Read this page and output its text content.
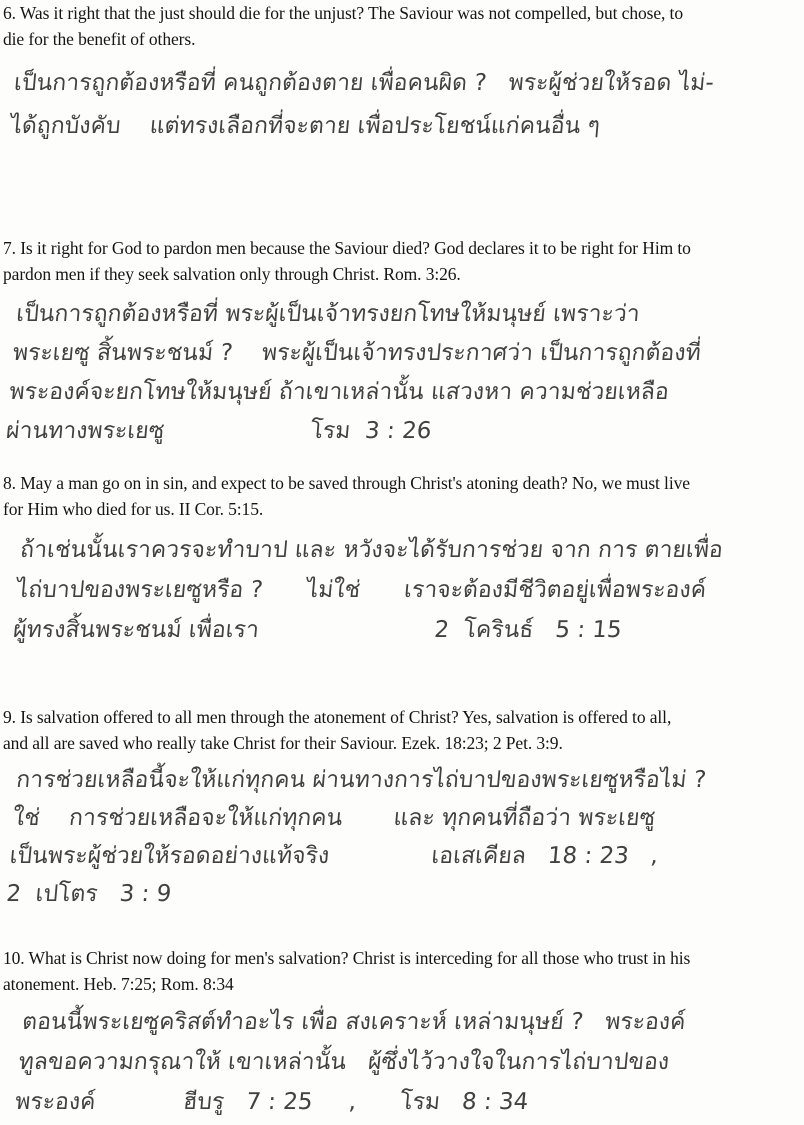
6. Was it right that the just should die for the unjust? The Saviour was not compelled, but chose, to
die for the benefit of others.
เป็นการถูกต้องหรือที่ คนถูกต้องตาย เพื่อคนผิด ?   พระผู้ช่วยให้รอด ไม่-
ได้ถูกบังคับ    แต่ทรงเลือกที่จะตาย เพื่อประโยชน์แก่คนอื่น ๆ
7. Is it right for God to pardon men because the Saviour died? God declares it to be right for Him to
pardon men if they seek salvation only through Christ. Rom. 3:26.
เป็นการถูกต้องหรือที่ พระผู้เป็นเจ้าทรงยกโทษให้มนุษย์ เพราะว่า
พระเยซู สิ้นพระชนม์ ?    พระผู้เป็นเจ้าทรงประกาศว่า เป็นการถูกต้องที่
พระองค์จะยกโทษให้มนุษย์ ถ้าเขาเหล่านั้น แสวงหา ความช่วยเหลือ
ผ่านทางพระเยซู                    โรม  3 : 26
8. May a man go on in sin, and expect to be saved through Christ's atoning death? No, we must live
for Him who died for us. II Cor. 5:15.
ถ้าเช่นนั้นเราควรจะทำบาป และ หวังจะได้รับการช่วย จาก การ ตายเพื่อ
ไถ่บาปของพระเยซูหรือ ?      ไม่ใช่      เราจะต้องมีชีวิตอยู่เพื่อพระองค์
ผู้ทรงสิ้นพระชนม์ เพื่อเรา                        2  โครินธ์   5 : 15
9. Is salvation offered to all men through the atonement of Christ? Yes, salvation is offered to all,
and all are saved who really take Christ for their Saviour. Ezek. 18:23; 2 Pet. 3:9.
การช่วยเหลือนี้จะให้แก่ทุกคน ผ่านทางการไถ่บาปของพระเยซูหรือไม่ ?
ใช่    การช่วยเหลือจะให้แก่ทุกคน       และ ทุกคนที่ถือว่า พระเยซู
เป็นพระผู้ช่วยให้รอดอย่างแท้จริง              เอเสเคียล   18 : 23   ,
2  เปโตร   3 : 9
10. What is Christ now doing for men's salvation? Christ is interceding for all those who trust in his
atonement. Heb. 7:25; Rom. 8:34
ตอนนี้พระเยซูคริสต์ทำอะไร เพื่อ สงเคราะห์ เหล่ามนุษย์ ?   พระองค์
ทูลขอความกรุณาให้ เขาเหล่านั้น   ผู้ซึ่งไว้วางใจในการไถ่บาปของ
พระองค์            ฮีบรู   7 : 25     ,      โรม   8 : 34
